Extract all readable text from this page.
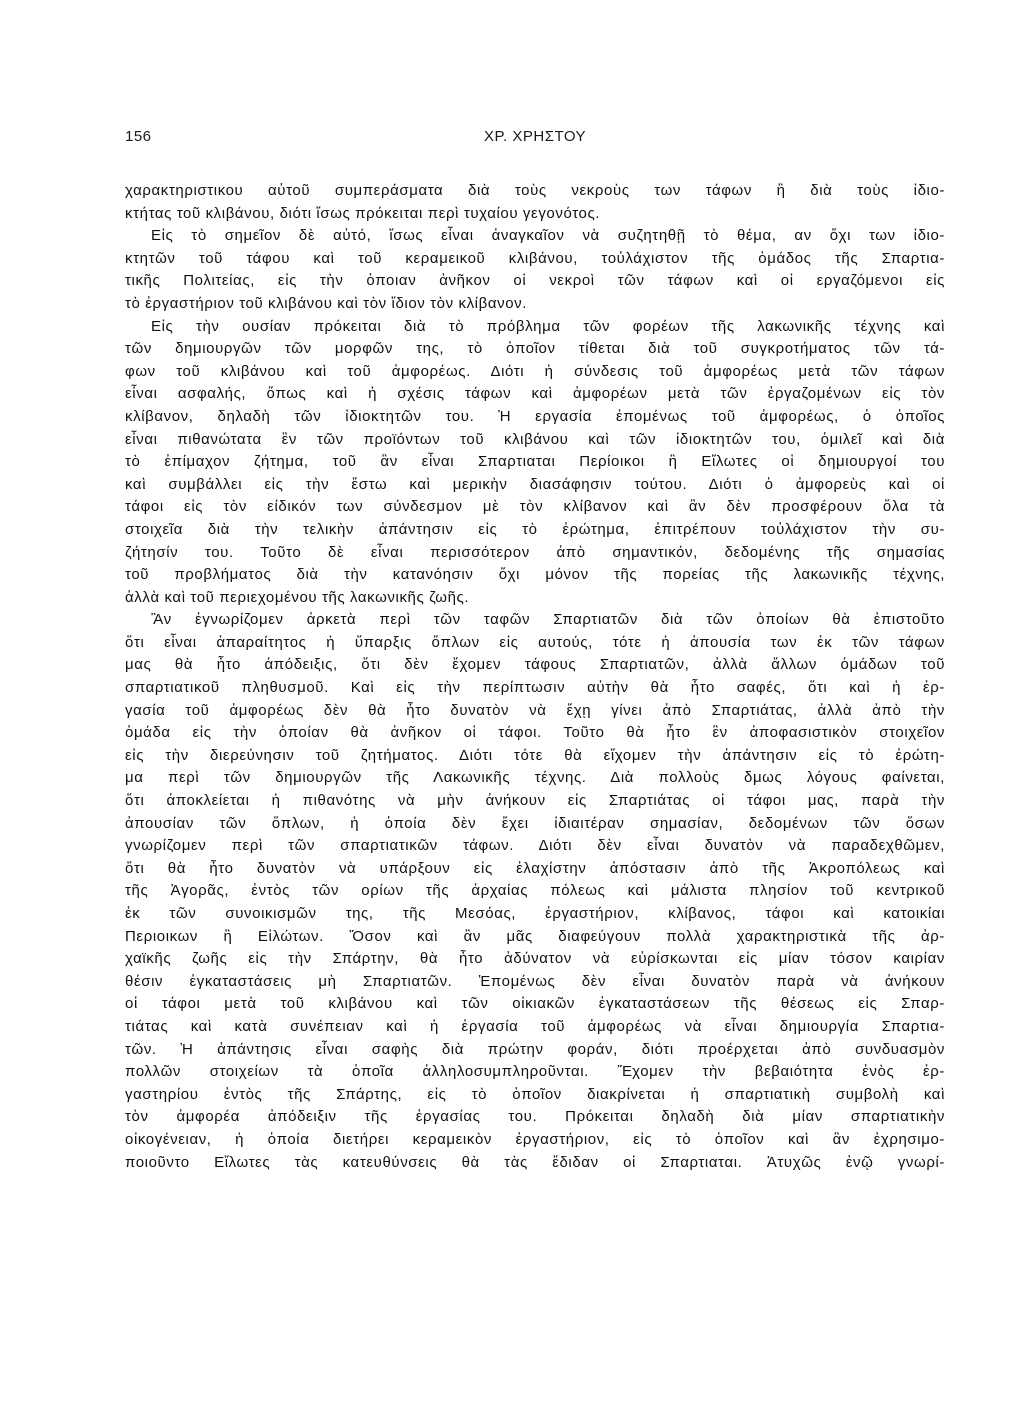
156	ΧΡ. ΧΡΗΣΤΟΥ
χαρακτηριστικου αὐτοῦ συμπεράσματα διὰ τοὺς νεκροὺς των τάφων ἢ διὰ τοὺς ἰδιο-
κτήτας τοῦ κλιβάνου, διότι ἴσως πρόκειται περὶ τυχαίου γεγονότος.
Εἰς τὸ σημεῖον δὲ αὐτό, ἴσως εἶναι ἀναγκαῖον νὰ συζητηθῇ τὸ θέμα, αν ὄχι των ἰδιο-
κτητῶν τοῦ τάφου καὶ τοῦ κεραμεικοῦ κλιβάνου, τοὐλάχιστον τῆς ὁμάδος τῆς Σπαρτια-
τικῆς Πολιτείας, εἰς τὴν ὁποιαν ἀνῆκον οἱ νεκροὶ τῶν τάφων καὶ οἱ εργαζόμενοι εἰς
τὸ ἐργαστήριον τοῦ κλιβάνου καὶ τὸν ἴδιον τὸν κλίβανον.
Εἰς τὴν ουσίαν πρόκειται διὰ τὸ πρόβλημα τῶν φορέων τῆς λακωνικῆς τέχνης καὶ
τῶν δημιουργῶν τῶν μορφῶν της, τὸ ὁποῖον τίθεται διὰ τοῦ συγκροτήματος τῶν τά-
φων τοῦ κλιβάνου καὶ τοῦ ἀμφορέως. Διότι ἡ σύνδεσις τοῦ ἀμφορέως μετὰ τῶν τάφων
εἶναι ασφαλής, ὅπως καὶ ἡ σχέσις τάφων καὶ ἀμφορέων μετὰ τῶν ἐργαζομένων εἰς τὸν
κλίβανον, δηλαδὴ τῶν ἰδιοκτητῶν του. Ἡ εργασία ἐπομένως τοῦ ἀμφορέως, ὁ ὁποῖος
εἶναι πιθανώτατα ἓν τῶν προϊόντων τοῦ κλιβάνου καὶ τῶν ἰδιοκτητῶν του, ὁμιλεῖ καὶ διὰ
τὸ ἐπίμαχον ζήτημα, τοῦ ἂν εἶναι Σπαρτιαται Περίοικοι ἢ Εἵλωτες οἱ δημιουργοί του
καὶ συμβάλλει εἰς τὴν ἔστω καὶ μερικὴν διασάφησιν τούτου. Διότι ὁ ἀμφορεὺς καὶ οἱ
τάφοι εἰς τὸν είδικόν των σύνδεσμον μὲ τὸν κλίβανον καὶ ἂν δὲν προσφέρουν ὅλα τὰ
στοιχεῖα διὰ τὴν τελικὴν ἀπάντησιν εἰς τὸ ἐρώτημα, ἐπιτρέπουν τοὐλάχιστον τὴν συ-
ζήτησίν του. Τοῦτο δὲ εἶναι περισσότερον ἀπὸ σημαντικόν, δεδομένης τῆς σημασίας
τοῦ προβλήματος διὰ τὴν κατανόησιν ὄχι μόνον τῆς πορείας τῆς λακωνικῆς τέχνης,
ἀλλὰ καὶ τοῦ περιεχομένου τῆς λακωνικῆς ζωῆς.
Ἂν ἐγνωρίζομεν ἀρκετὰ περὶ τῶν ταφῶν Σπαρτιατῶν διὰ τῶν ὁποίων θὰ ἐπιστοῦτο
ὅτι εἶναι ἀπαραίτητος ἡ ὕπαρξις ὅπλων εἰς αυτούς, τότε ἡ ἀπουσία των ἐκ τῶν τάφων
μας θὰ ἦτο ἀπόδειξις, ὅτι δὲν ἔχομεν τάφους Σπαρτιατῶν, ἀλλὰ ἄλλων ὁμάδων τοῦ
σπαρτιατικοῦ πληθυσμοῦ. Καὶ εἰς τὴν περίπτωσιν αὐτὴν θὰ ἦτο σαφές, ὅτι καὶ ἡ ἐρ-
γασία τοῦ ἀμφορέως δὲν θὰ ἦτο δυνατὸν νὰ ἔχῃ γίνει ἀπὸ Σπαρτιάτας, ἀλλὰ ἀπὸ τὴν
ὁμάδα εἰς τὴν ὁποίαν θὰ ἀνῆκον οἱ τάφοι. Τοῦτο θὰ ἦτο ἓν ἀποφασιστικὸν στοιχεῖον
εἰς τὴν διερεύνησιν τοῦ ζητήματος. Διότι τότε θὰ εἴχομεν τὴν ἀπάντησιν εἰς τὸ ἐρώτη-
μα περὶ τῶν δημιουργῶν τῆς Λακωνικῆς τέχνης. Διὰ πολλοὺς δμως λόγους φαίνεται,
ὅτι ἀποκλείεται ἡ πιθανότης νὰ μὴν ἀνήκουν εἰς Σπαρτιάτας οἱ τάφοι μας, παρὰ τὴν
ἀπουσίαν τῶν ὅπλων, ἡ ὁποία δὲν ἔχει ἰδιαιτέραν σημασίαν, δεδομένων τῶν ὅσων
γνωρίζομεν περὶ τῶν σπαρτιατικῶν τάφων. Διότι δὲν εἶναι δυνατὸν νὰ παραδεχθῶμεν,
ὅτι θὰ ἦτο δυνατὸν νὰ υπάρξουν εἰς ἐλαχίστην ἀπόστασιν ἀπὸ τῆς Ἀκροπόλεως καὶ
τῆς Ἀγορᾶς, ἐντὸς τῶν ορίων τῆς ἀρχαίας πόλεως καὶ μάλιστα πλησίον τοῦ κεντρικοῦ
ἐκ τῶν συνοικισμῶν της, τῆς Μεσόας, ἐργαστήριον, κλίβανος, τάφοι καὶ κατοικίαι
Περιοικων ἢ Εἱλώτων. Ὅσον καὶ ἂν μᾶς διαφεύγουν πολλὰ χαρακτηριστικὰ τῆς ἀρ-
χαϊκῆς ζωῆς εἰς τὴν Σπάρτην, θὰ ἦτο ἀδύνατον νὰ εὑρίσκωνται εἰς μίαν τόσον καιρίαν
θέσιν ἐγκαταστάσεις μὴ Σπαρτιατῶν. Ἑπομένως δὲν εἶναι δυνατὸν παρὰ νὰ ἀνήκουν
οἱ τάφοι μετὰ τοῦ κλιβάνου καὶ τῶν οἰκιακῶν ἐγκαταστάσεων τῆς θέσεως εἰς Σπαρ-
τιάτας καὶ κατὰ συνέπειαν καὶ ἡ ἐργασία τοῦ ἀμφορέως νὰ εἶναι δημιουργία Σπαρτια-
τῶν. Ἡ ἀπάντησις εἶναι σαφὴς διὰ πρώτην φοράν, διότι προέρχεται ἀπὸ συνδυασμὸν
πολλῶν στοιχείων τὰ ὁποῖα ἀλληλοσυμπληροῦνται. Ἔχομεν τὴν βεβαιότητα ἑνὸς ἐρ-
γαστηρίου ἐντὸς τῆς Σπάρτης, εἰς τὸ ὁποῖον διακρίνεται ἡ σπαρτιατικὴ συμβολὴ καὶ
τὸν ἀμφορέα ἀπόδειξιν τῆς ἐργασίας του. Πρόκειται δηλαδὴ διὰ μίαν σπαρτιατικὴν
οἰκογένειαν, ἡ ὁποία διετήρει κεραμεικὸν ἐργαστήριον, εἰς τὸ ὁποῖον καὶ ἂν ἐχρησιμο-
ποιοῦντο Εἵλωτες τὰς κατευθύνσεις θὰ τὰς ἔδιδαν οἱ Σπαρτιαται. Ἀτυχῶς ἐνῷ γνωρί-
